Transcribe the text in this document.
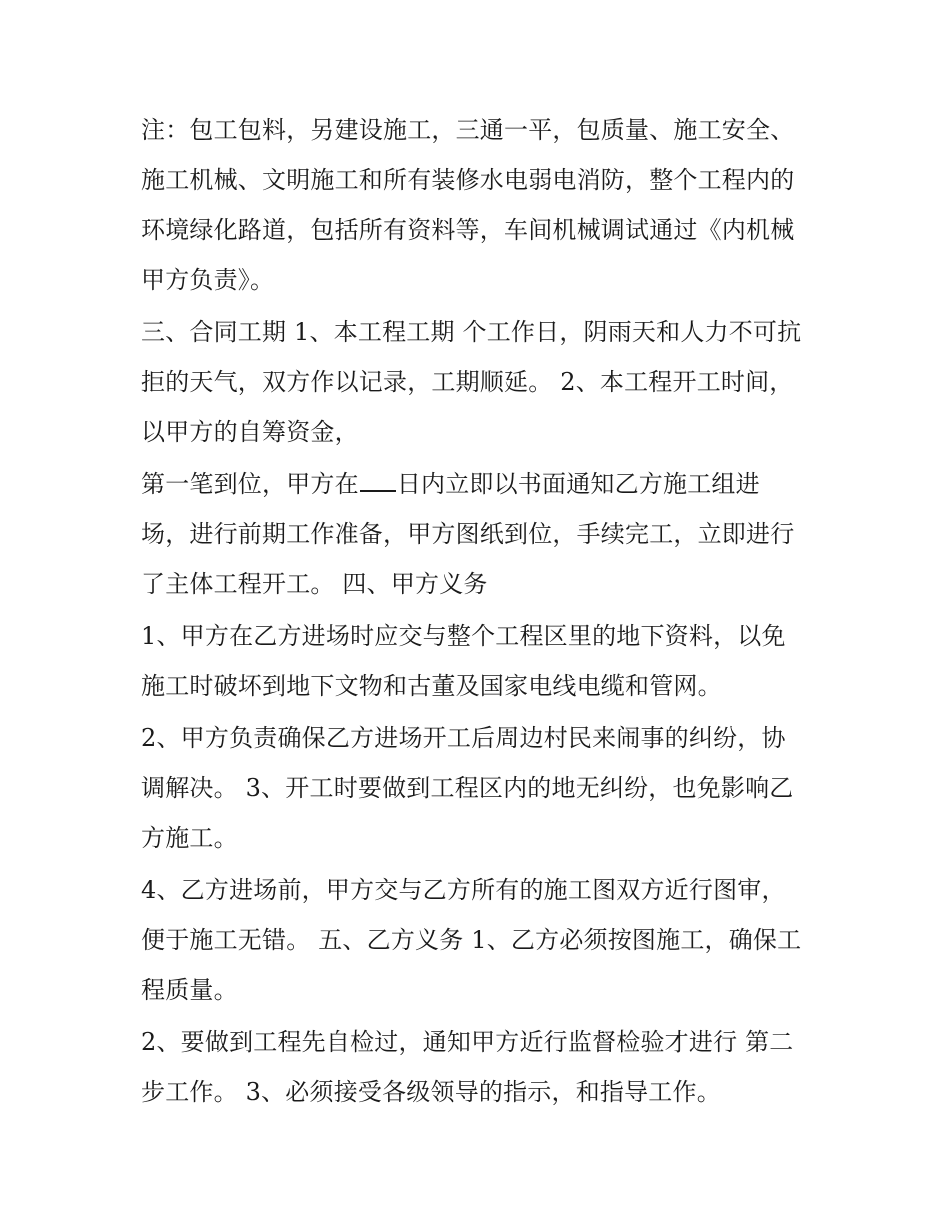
注：包工包料，另建设施工，三通一平，包质量、施工安全、
施工机械、文明施工和所有装修水电弱电消防，整个工程内的
环境绿化路道，包括所有资料等，车间机械调试通过《内机械
甲方负责》。
三、合同工期 1、本工程工期 个工作日，阴雨天和人力不可抗
拒的天气，双方作以记录，工期顺延。 2、本工程开工时间，
以甲方的自筹资金，
第一笔到位，甲方在 日内立即以书面通知乙方施工组进
场，进行前期工作准备，甲方图纸到位，手续完工，立即进行
了主体工程开工。 四、甲方义务
1、甲方在乙方进场时应交与整个工程区里的地下资料，以免
施工时破坏到地下文物和古董及国家电线电缆和管网。
2、甲方负责确保乙方进场开工后周边村民来闹事的纠纷，协
调解决。 3、开工时要做到工程区内的地无纠纷，也免影响乙
方施工。
4、乙方进场前，甲方交与乙方所有的施工图双方近行图审，
便于施工无错。 五、乙方义务 1、乙方必须按图施工，确保工
程质量。
2、要做到工程先自检过，通知甲方近行监督检验才进行 第二
步工作。 3、必须接受各级领导的指示，和指导工作。
